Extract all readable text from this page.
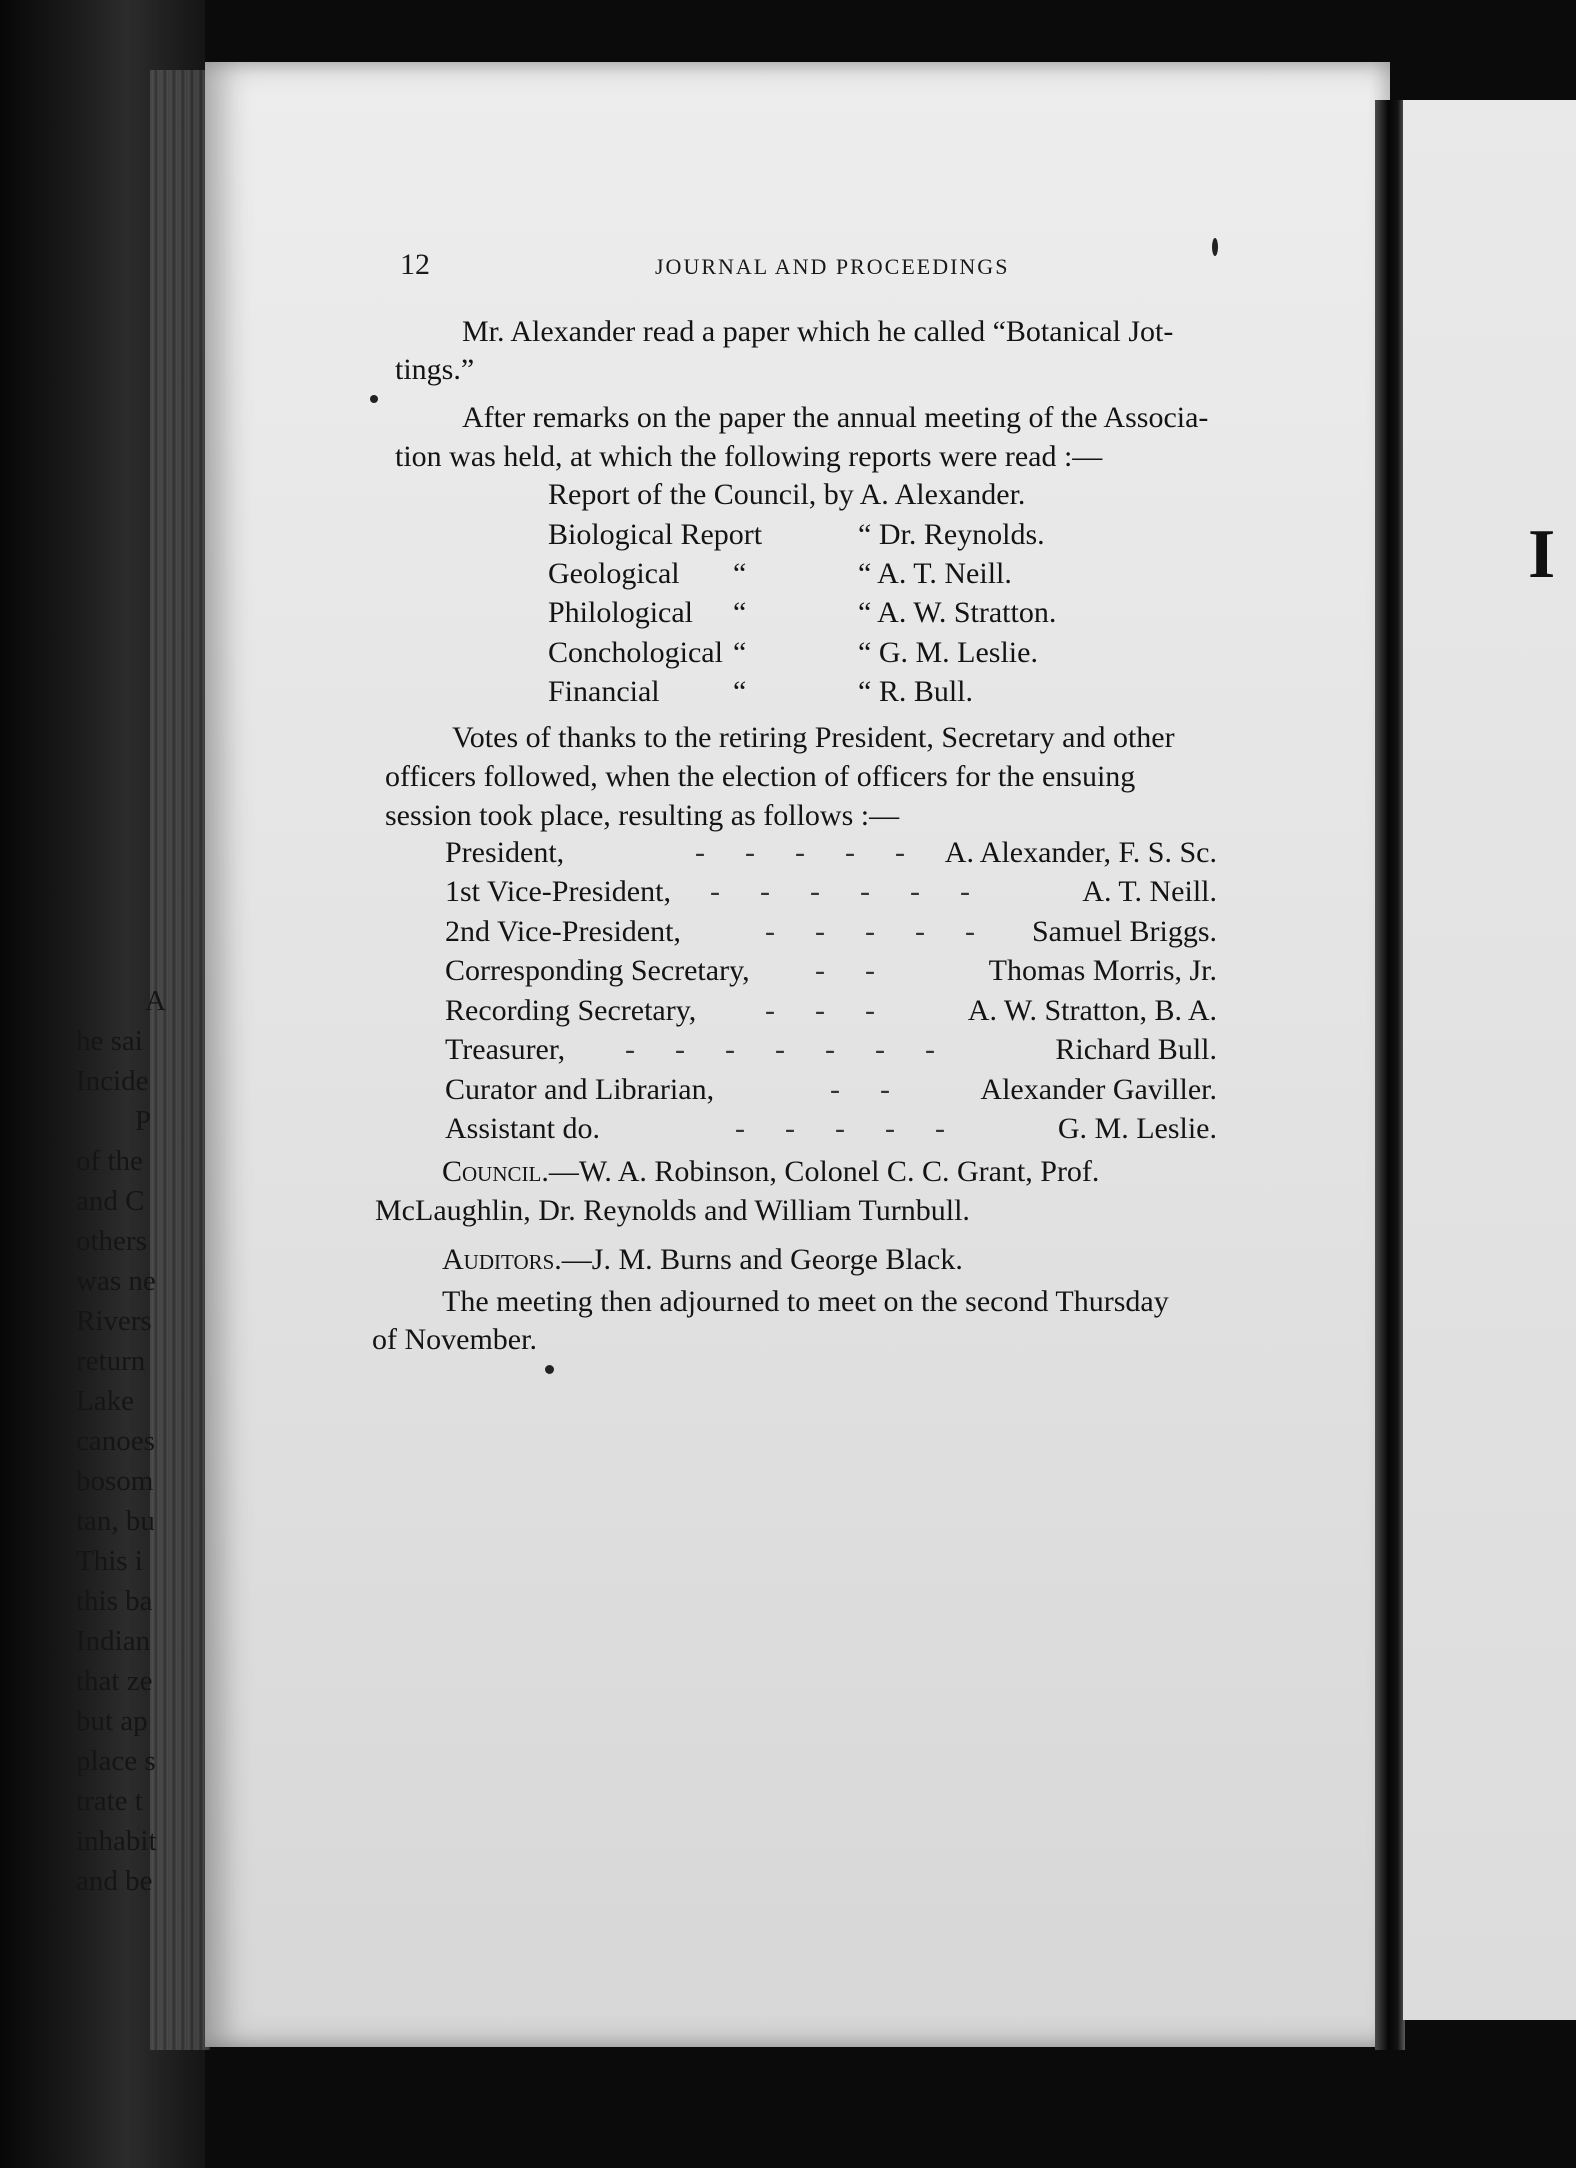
12	JOURNAL AND PROCEEDINGS
Mr. Alexander read a paper which he called “Botanical Jot-
tings.”
After remarks on the paper the annual meeting of the Associa-
tion was held, at which the following reports were read :—
Report of the Council, by A. Alexander.
Biological Report	“ Dr. Reynolds.
Geological “	“ A. T. Neill.
Philological “	“ A. W. Stratton.
Conchological “	“ G. M. Leslie.
Financial “	“ R. Bull.
Votes of thanks to the retiring President, Secretary and other
officers followed, when the election of officers for the ensuing
session took place, resulting as follows :—
President,	----- A. Alexander, F. S. Sc.
1st Vice-President, ------	A. T. Neill.
2nd Vice-President,	----- Samuel Briggs.
Corresponding Secretary, --	Thomas Morris, Jr.
Recording Secretary, ---	A. W. Stratton, B. A.
Treasurer, -------	Richard Bull.
Curator and Librarian,	--	Alexander Gaviller.
Assistant do.	-----	G. M. Leslie.
Council.—W. A. Robinson, Colonel C. C. Grant, Prof.
McLaughlin, Dr. Reynolds and William Turnbull.
Auditors.—J. M. Burns and George Black.
The meeting then adjourned to meet on the second Thursday
of November.
I
A
he sai
Incide
P
of the
and C
others
was ne
Rivers
return
Lake
canoes
bosom
tan, bu
This i
this ba
Indian
that ze
but ap
place s
trate t
inhabit
and be
